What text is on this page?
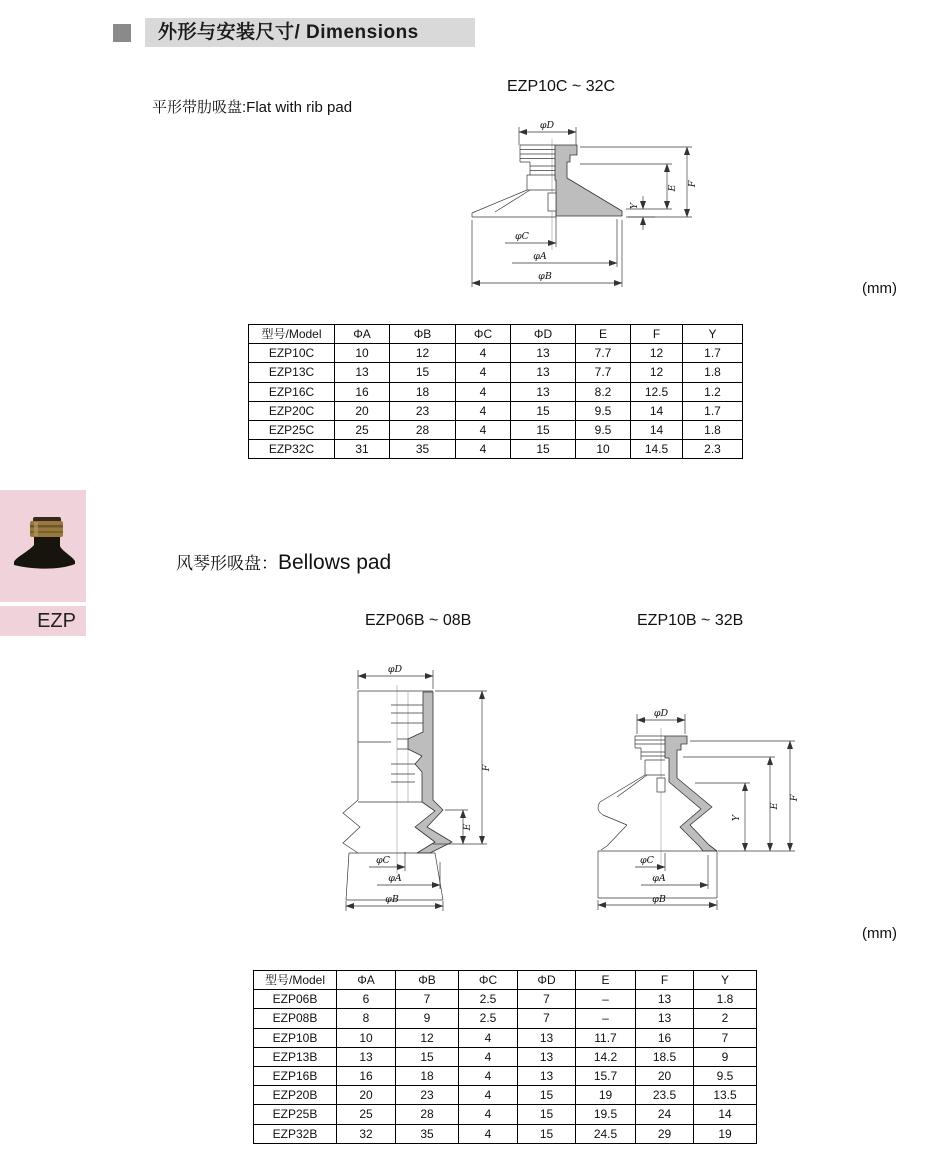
外形与安装尺寸/ Dimensions
平形带肋吸盘:Flat with rib pad
EZP10C ~ 32C
φD
F
E
Y
φC
φA
φB
(mm)
型号/Model	ΦA	ΦB	ΦC	ΦD	E	F	Y
EZP10C	10	12	4	13	7.7	12	1.7
EZP13C	13	15	4	13	7.7	12	1.8
EZP16C	16	18	4	13	8.2	12.5	1.2
EZP20C	20	23	4	15	9.5	14	1.7
EZP25C	25	28	4	15	9.5	14	1.8
EZP32C	31	35	4	15	10	14.5	2.3
EZP
风琴形吸盘：Bellows pad
EZP06B ~ 08B	EZP10B ~ 32B
φD
F
E
φC
φA
φB
φD
F
E
Y
φC
φA
φB
(mm)
型号/Model	ΦA	ΦB	ΦC	ΦD	E	F	Y
EZP06B	6	7	2.5	7	–	13	1.8
EZP08B	8	9	2.5	7	–	13	2
EZP10B	10	12	4	13	11.7	16	7
EZP13B	13	15	4	13	14.2	18.5	9
EZP16B	16	18	4	13	15.7	20	9.5
EZP20B	20	23	4	15	19	23.5	13.5
EZP25B	25	28	4	15	19.5	24	14
EZP32B	32	35	4	15	24.5	29	19
